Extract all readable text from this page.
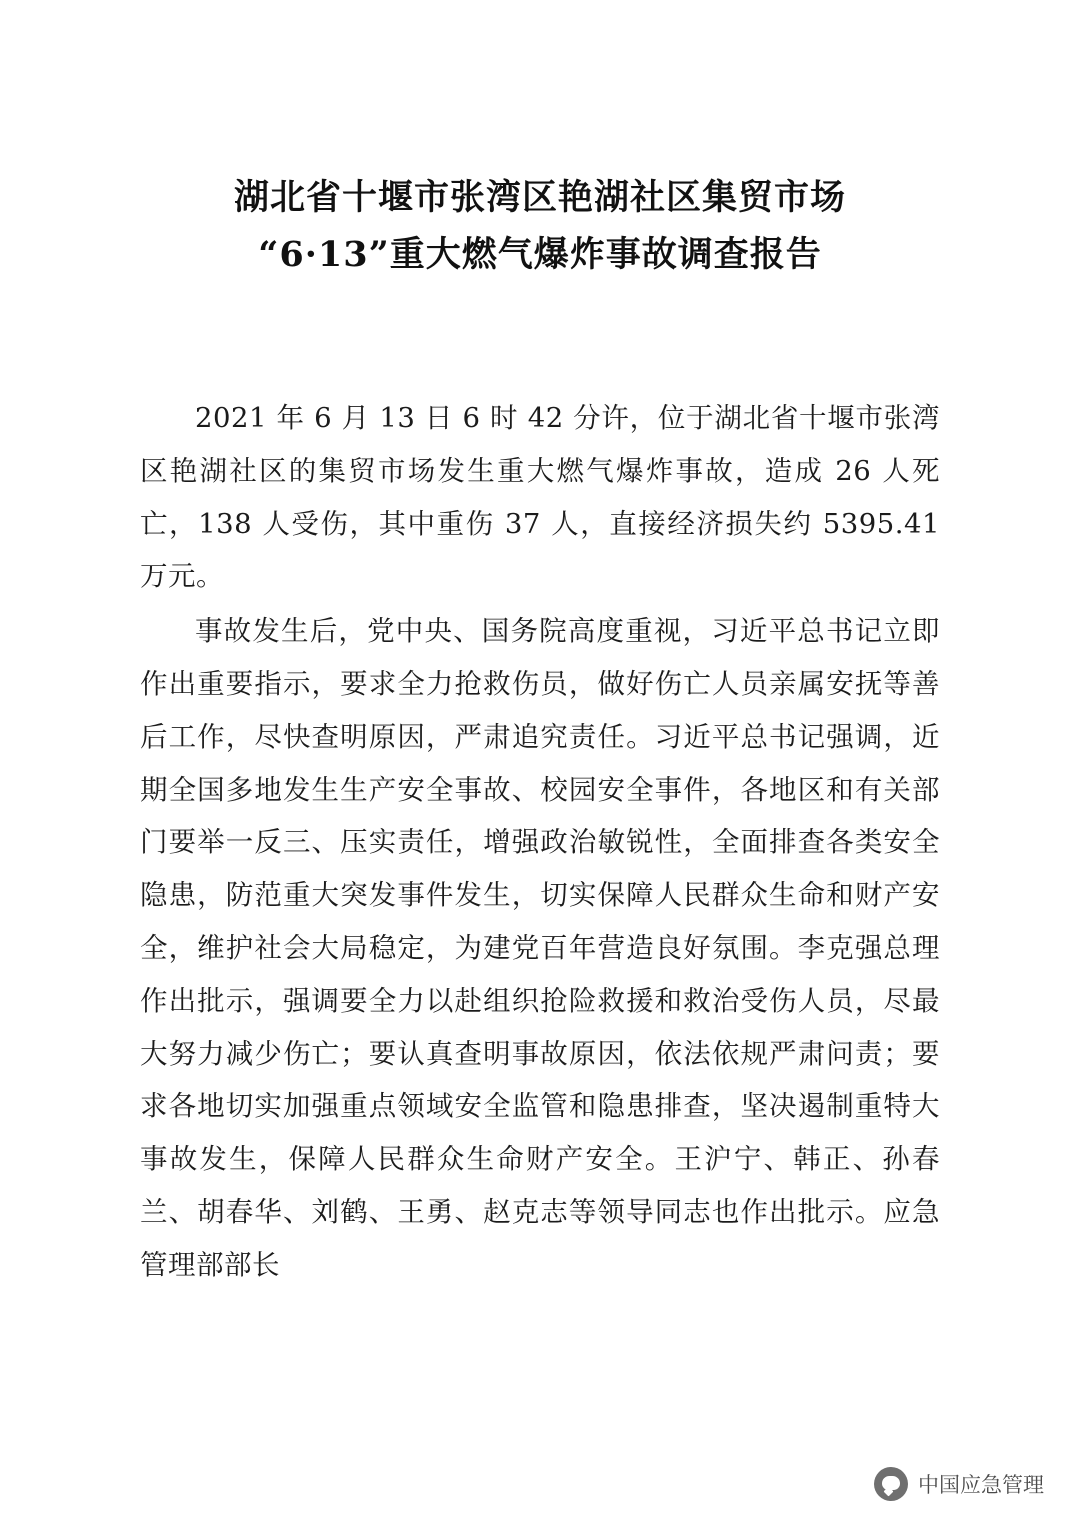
湖北省十堰市张湾区艳湖社区集贸市场
“6·13”重大燃气爆炸事故调查报告

2021 年 6 月 13 日 6 时 42 分许，位于湖北省十堰市张湾区艳湖社区的集贸市场发生重大燃气爆炸事故，造成 26 人死亡，138 人受伤，其中重伤 37 人，直接经济损失约 5395.41 万元。

事故发生后，党中央、国务院高度重视，习近平总书记立即作出重要指示，要求全力抢救伤员，做好伤亡人员亲属安抚等善后工作，尽快查明原因，严肃追究责任。习近平总书记强调，近期全国多地发生生产安全事故、校园安全事件，各地区和有关部门要举一反三、压实责任，增强政治敏锐性，全面排查各类安全隐患，防范重大突发事件发生，切实保障人民群众生命和财产安全，维护社会大局稳定，为建党百年营造良好氛围。李克强总理作出批示，强调要全力以赴组织抢险救援和救治受伤人员，尽最大努力减少伤亡；要认真查明事故原因，依法依规严肃问责；要求各地切实加强重点领域安全监管和隐患排查，坚决遏制重特大事故发生，保障人民群众生命财产安全。王沪宁、韩正、孙春兰、胡春华、刘鹤、王勇、赵克志等领导同志也作出批示。应急管理部部长

中国应急管理
